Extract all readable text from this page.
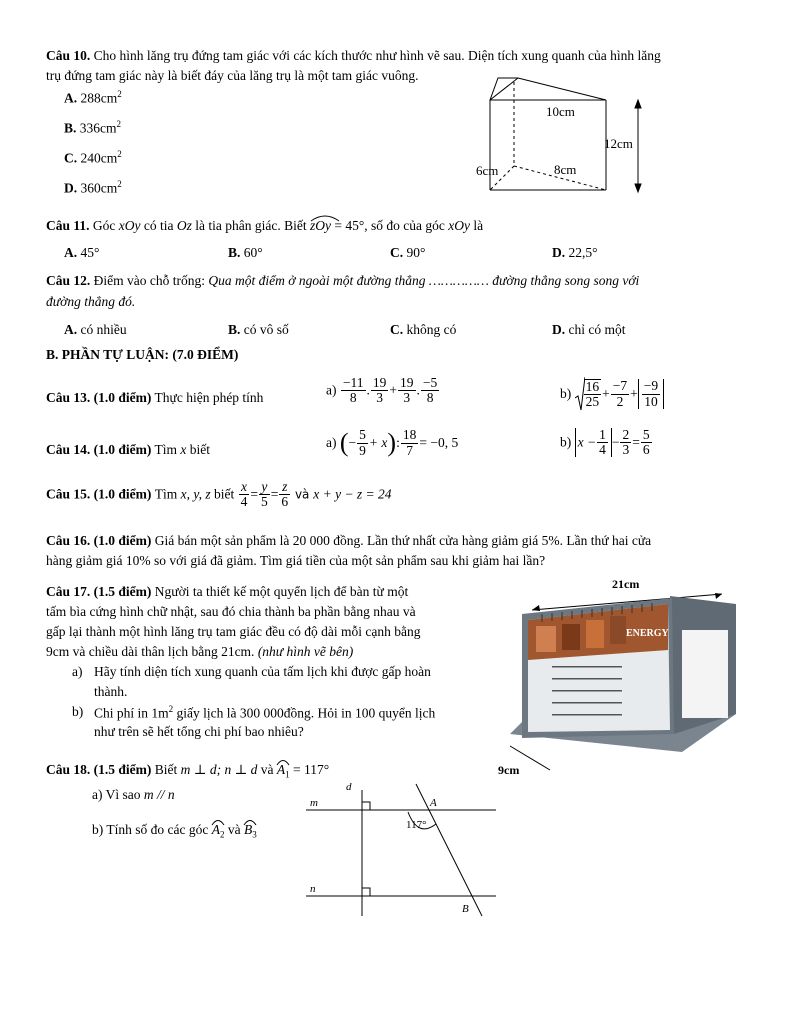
Câu 10. Cho hình lăng trụ đứng tam giác với các kích thước như hình vẽ sau. Diện tích xung quanh của hình lăng
trụ đứng tam giác này là biết đáy của lăng trụ là một tam giác vuông.
A. $288cm^2$
B. $336cm^2$
C. $240cm^2$
D. $360cm^2$
10cm
12cm
6cm	8cm
Câu 11. Góc xOy có tia Oz là tia phân giác. Biết
zOy = 45°, số đo của góc xOy là
A. 45°	B. 60°	C. 90°	D. 22,5°
Câu 12. Điểm vào chỗ trống: Qua một điểm ở ngoài một đường thẳng …………… đường thẳng song song với
đường thẳng đó.
A. có nhiều	B. có vô số	C. không có	D. chỉ có một
B. PHẦN TỰ LUẬN: (7.0 ĐIỂM)
Câu 13. (1.0 điểm) Thực hiện phép tính	$a) \frac{-11}{8}$ . $\frac{19}{3} + \frac{19}{3}$ . $\frac{-5}{8}$	$b) \frac{16}{25} + \frac{-7}{2} + \frac{-9}{10}$
Câu 14. (1.0 điểm) Tìm x biết	a) (− $\frac{5}{9} + x$): $\frac{18}{7} = -0$, 5	b) $x - \frac{1}{4} - \frac{2}{3} = \frac{5}{6}$
Câu 15. (1.0 điểm) Tìm x, y, z biết $\frac{x}{4} = \frac{y}{5} = \frac{z}{6}$ và x + y − z = 24
Câu 16. (1.0 điểm) Giá bán một sản phẩm là 20 000 đồng. Lần thứ nhất cửa hàng giảm giá 5%. Lần thứ hai cửa
hàng giảm giá 10% so với giá đã giảm. Tìm giá tiền của một sản phẩm sau khi giảm hai lần?
Câu 17. (1.5 điểm) Người ta thiết kế một quyển lịch để bàn từ một
tấm bìa cứng hình chữ nhật, sau đó chia thành ba phần bằng nhau và
gấp lại thành một hình lăng trụ tam giác đều có độ dài mỗi cạnh bằng
9cm và chiều dài thân lịch bằng 21cm. (như hình vẽ bên)
a) Hãy tính diện tích xung quanh của tấm lịch khi được gấp hoàn
thành.
b) Chi phí in $1m^2$ giấy lịch là 300 000đồng. Hỏi in 100 quyển lịch
như trên sẽ hết tổng chi phí bao nhiêu?
21cm
ENERGY
9cm
Câu 18. (1.5 điểm) Biết m ⊥ d; n ⊥ d và
$A_1 = 117^\circ$
a) Vì sao m // n
b) Tính số đo các góc
$A_2$ và
$B_3$
d
m
n
A
B
117°
